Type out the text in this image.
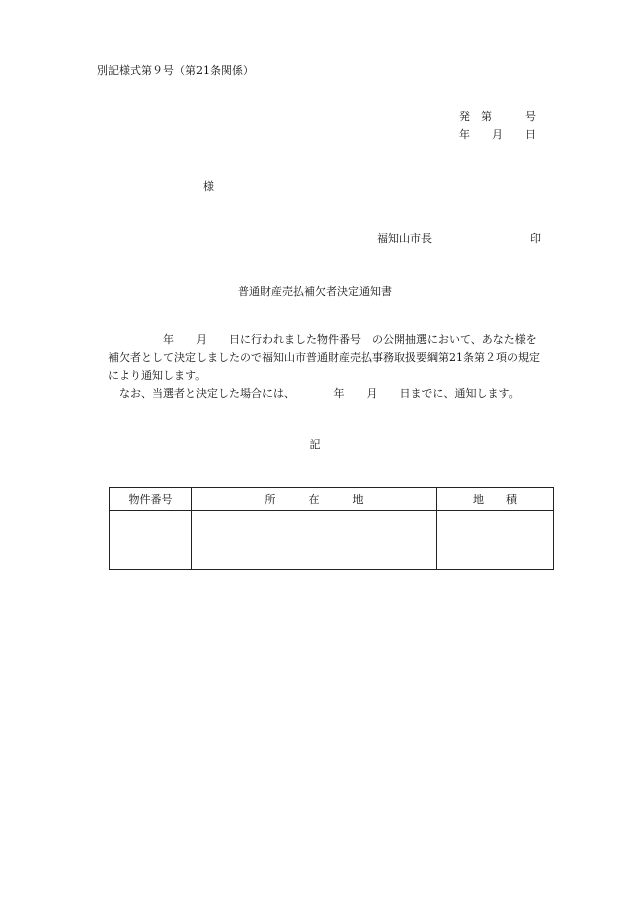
別記様式第９号（第21条関係）
発　第　　　号
年　　月　　日
様
福知山市長	印
普通財産売払補欠者決定通知書
　　　　　年　　月　　日に行われました物件番号　の公開抽選において、あなた様を
補欠者として決定しましたので福知山市普通財産売払事務取扱要綱第21条第２項の規定
により通知します。
　なお、当選者と決定した場合には、　　　　年　　月　　日までに、通知します。
記
物件番号	所　　　在　　　地	地　　積
